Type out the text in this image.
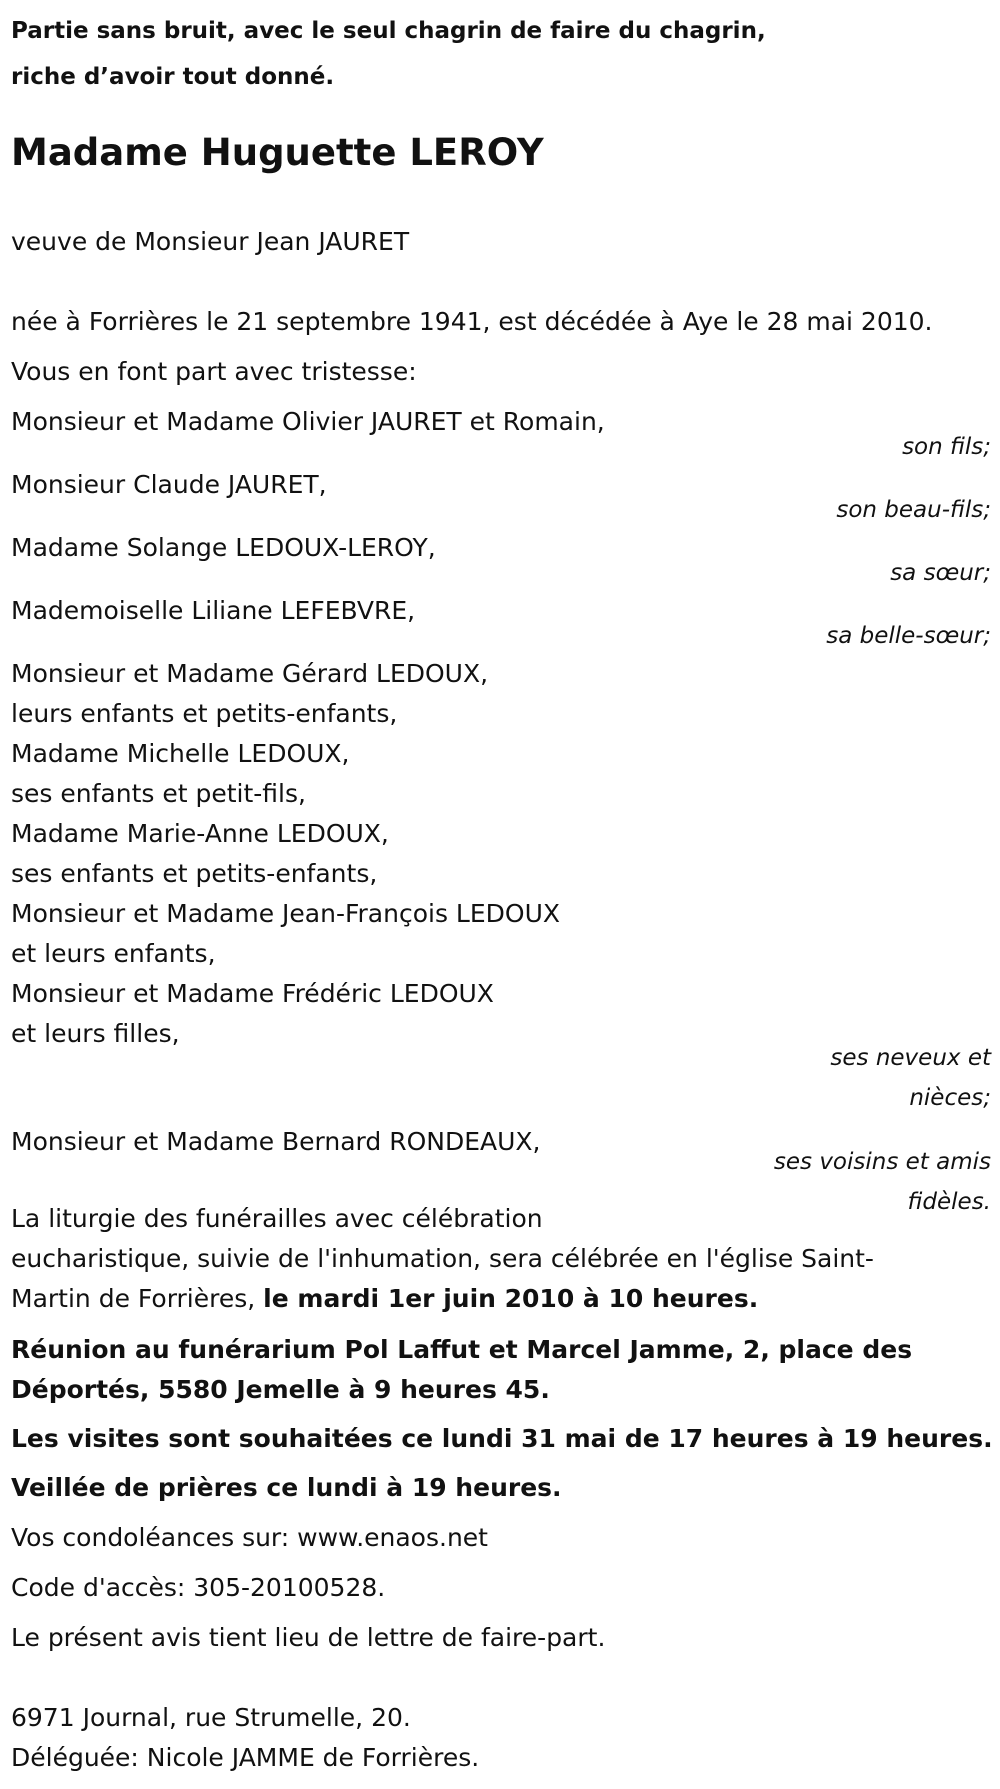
Partie sans bruit, avec le seul chagrin de faire du chagrin,
riche d’avoir tout donné.
Madame Huguette LEROY
veuve de Monsieur Jean JAURET
née à Forrières le 21 septembre 1941, est décédée à Aye le 28 mai 2010.
Vous en font part avec tristesse:
Monsieur et Madame Olivier JAURET et Romain,
son fils;
Monsieur Claude JAURET,
son beau-fils;
Madame Solange LEDOUX-LEROY,
sa sœur;
Mademoiselle Liliane LEFEBVRE,
sa belle-sœur;
Monsieur et Madame Gérard LEDOUX,
leurs enfants et petits-enfants,
Madame Michelle LEDOUX,
ses enfants et petit-fils,
Madame Marie-Anne LEDOUX,
ses enfants et petits-enfants,
Monsieur et Madame Jean-François LEDOUX
et leurs enfants,
Monsieur et Madame Frédéric LEDOUX
et leurs filles,
ses neveux et
nièces;
Monsieur et Madame Bernard RONDEAUX,
ses voisins et amis
fidèles.
La liturgie des funérailles avec célébration
eucharistique, suivie de l'inhumation, sera célébrée en l'église Saint-
Martin de Forrières, le mardi 1er juin 2010 à 10 heures.
Réunion au funérarium Pol Laffut et Marcel Jamme, 2, place des
Déportés, 5580 Jemelle à 9 heures 45.
Les visites sont souhaitées ce lundi 31 mai de 17 heures à 19 heures.
Veillée de prières ce lundi à 19 heures.
Vos condoléances sur: www.enaos.net
Code d'accès: 305-20100528.
Le présent avis tient lieu de lettre de faire-part.
6971 Journal, rue Strumelle, 20.
Déléguée: Nicole JAMME de Forrières.
